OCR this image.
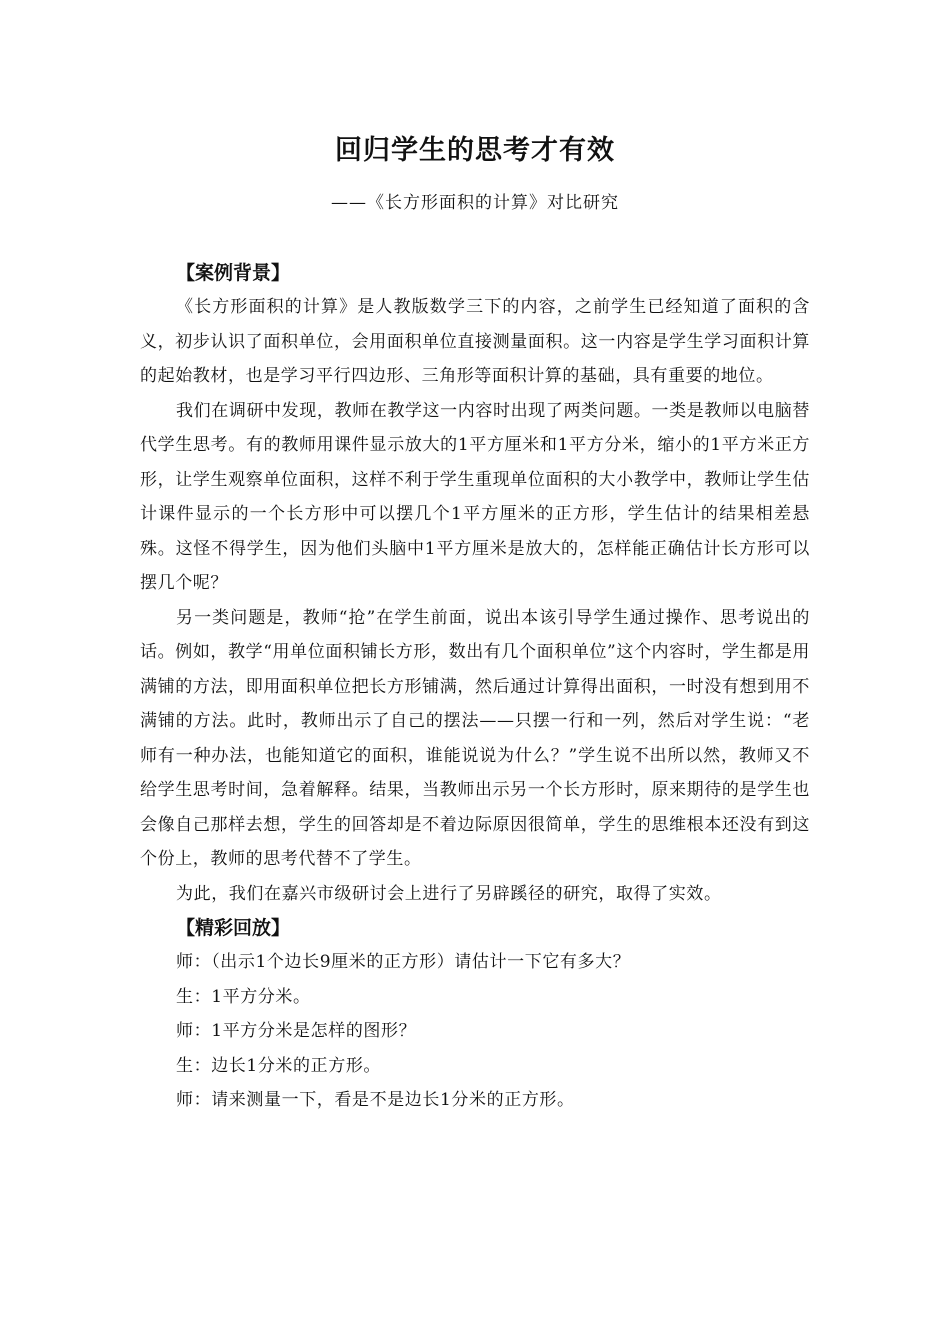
回归学生的思考才有效
——《长方形面积的计算》对比研究
【案例背景】

《长方形面积的计算》是人教版数学三下的内容，之前学生已经知道了面积的含义，初步认识了面积单位，会用面积单位直接测量面积。这一内容是学生学习面积计算的起始教材，也是学习平行四边形、三角形等面积计算的基础，具有重要的地位。

我们在调研中发现，教师在教学这一内容时出现了两类问题。一类是教师以电脑替代学生思考。有的教师用课件显示放大的1平方厘米和1平方分米，缩小的1平方米正方形，让学生观察单位面积，这样不利于学生重现单位面积的大小教学中，教师让学生估计课件显示的一个长方形中可以摆几个1平方厘米的正方形，学生估计的结果相差悬殊。这怪不得学生，因为他们头脑中1平方厘米是放大的，怎样能正确估计长方形可以摆几个呢？

另一类问题是，教师“抢”在学生前面，说出本该引导学生通过操作、思考说出的话。例如，教学“用单位面积铺长方形，数出有几个面积单位”这个内容时，学生都是用满铺的方法，即用面积单位把长方形铺满，然后通过计算得出面积，一时没有想到用不满铺的方法。此时，教师出示了自己的摆法——只摆一行和一列，然后对学生说：“老师有一种办法，也能知道它的面积，谁能说说为什么？”学生说不出所以然，教师又不给学生思考时间，急着解释。结果，当教师出示另一个长方形时，原来期待的是学生也会像自己那样去想，学生的回答却是不着边际原因很简单，学生的思维根本还没有到这个份上，教师的思考代替不了学生。

为此，我们在嘉兴市级研讨会上进行了另辟蹊径的研究，取得了实效。

【精彩回放】

师：（出示1个边长9厘米的正方形）请估计一下它有多大？

生：1平方分米。

师：1平方分米是怎样的图形？

生：边长1分米的正方形。

师：请来测量一下，看是不是边长1分米的正方形。
